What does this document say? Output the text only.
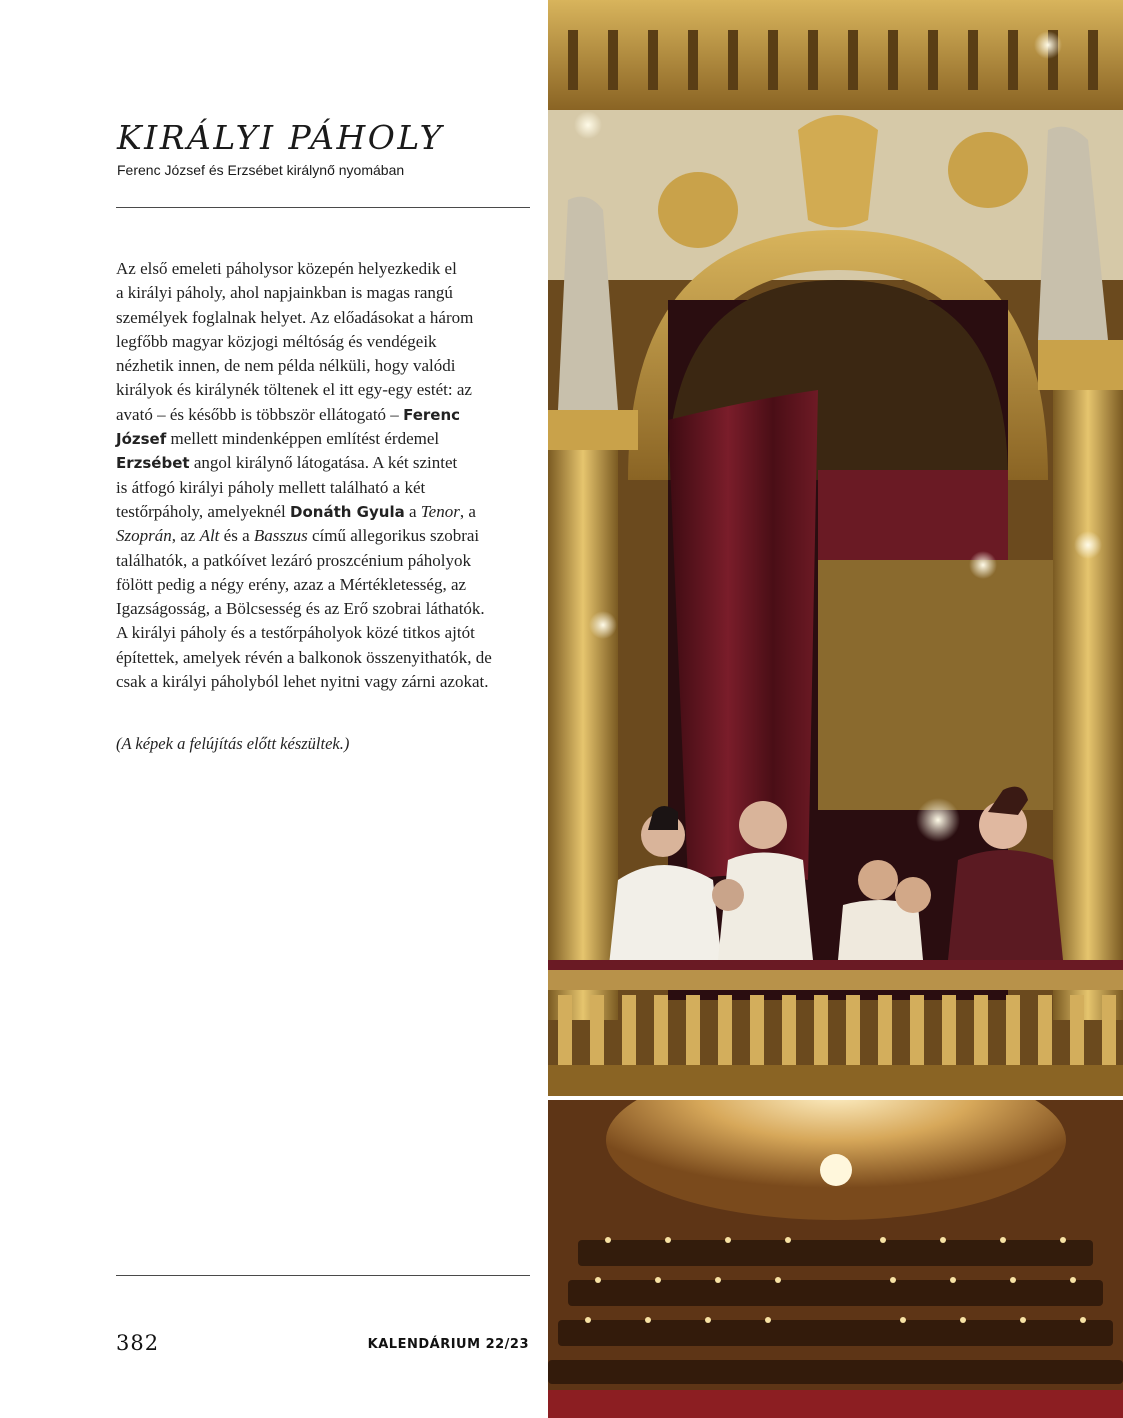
KIRÁLYI PÁHOLY
Ferenc József és Erzsébet királynő nyomában
Az első emeleti páholysor közepén helyezkedik el
a királyi páholy, ahol napjainkban is magas rangú
személyek foglalnak helyet. Az előadásokat a három
legfőbb magyar közjogi méltóság és vendégeik
nézhetik innen, de nem példa nélküli, hogy valódi
királyok és királynék töltenek el itt egy-egy estét: az
avató – és később is többször ellátogató – Ferenc
József mellett mindenképpen említést érdemel
Erzsébet angol királynő látogatása. A két szintet
is átfogó királyi páholy mellett található a két
testőrpáholy, amelyeknél Donáth Gyula a Tenor, a
Szoprán, az Alt és a Basszus című allegorikus szobrai
találhatók, a patkóívet lezáró proszcénium páholyok
fölött pedig a négy erény, azaz a Mértékletesség, az
Igazságosság, a Bölcsesség és az Erő szobrai láthatók.
A királyi páholy és a testőrpáholyok közé titkos ajtót
építettek, amelyek révén a balkonok összenyithatók, de
csak a királyi páholyból lehet nyitni vagy zárni azokat.
(A képek a felújítás előtt készültek.)
382	KALENDÁRIUM 22/23
